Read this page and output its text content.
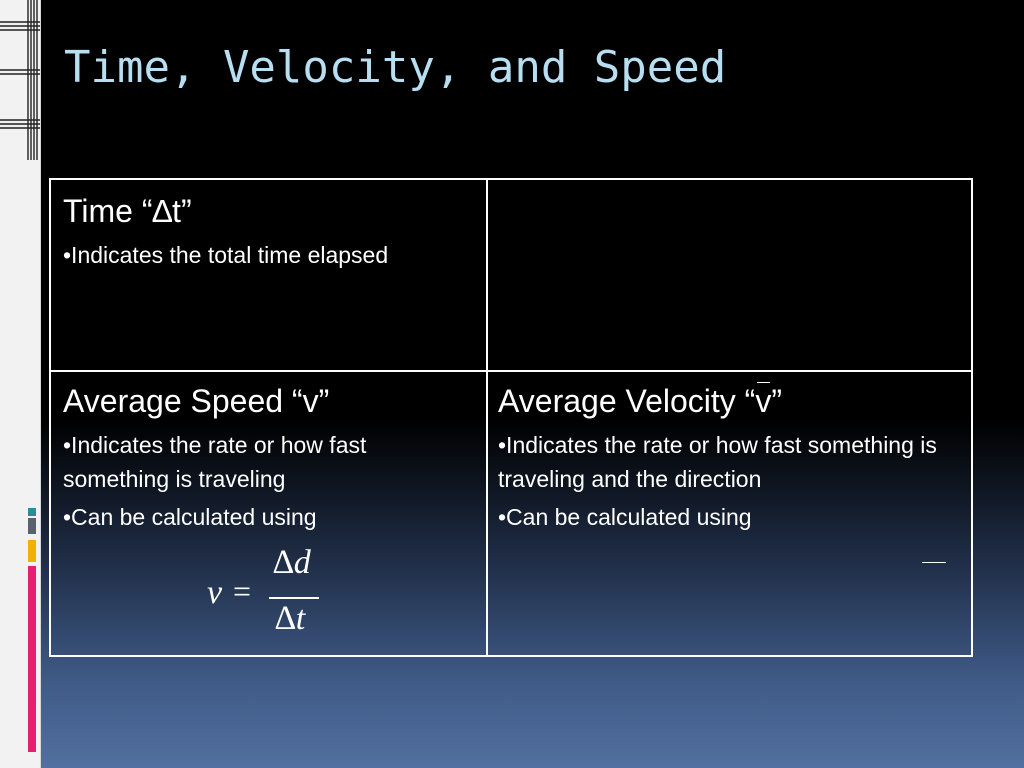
Time, Velocity, and Speed

Time “∆t”

•Indicates the total time elapsed

Average Speed “v”

•Indicates the rate or how fast something is traveling

•Can be calculated using

v =
∆d
∆t

Average Velocity “v”

•Indicates the rate or how fast something is traveling and the direction

•Can be calculated using
